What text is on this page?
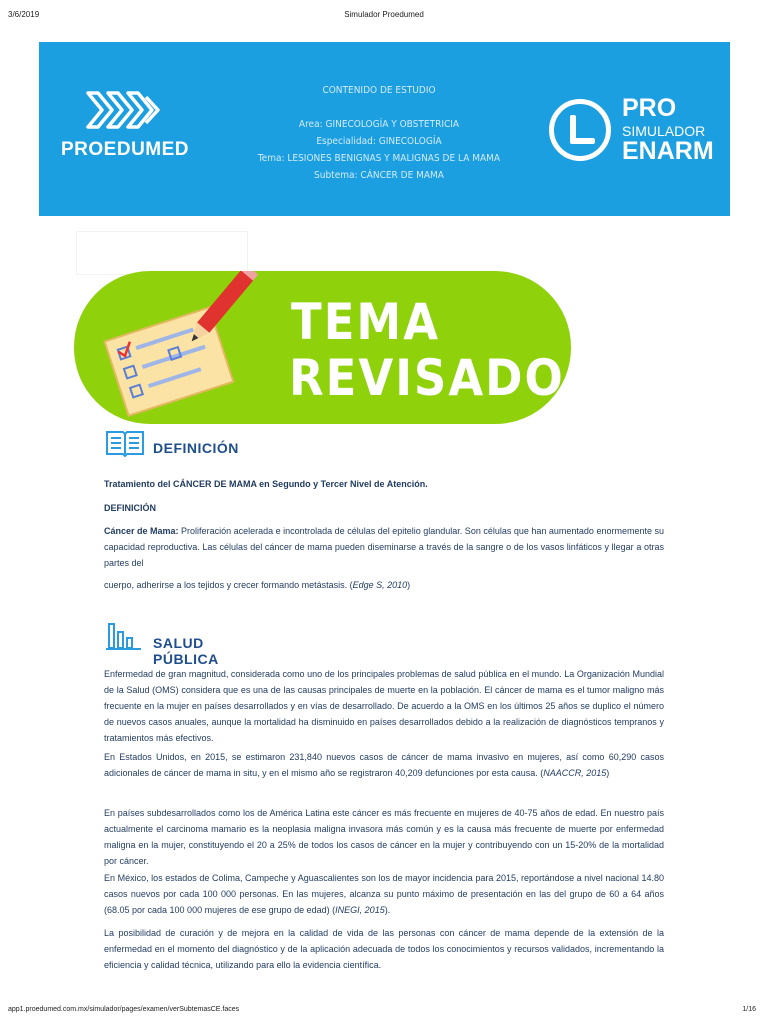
3/6/2019	Simulador Proedumed
PROEDUMED
CONTENIDO DE ESTUDIO
Area: GINECOLOGÍA Y OBSTETRICIA
Especialidad: GINECOLOGÍA
Tema: LESIONES BENIGNAS Y MALIGNAS DE LA MAMA
Subtema: CÁNCER DE MAMA
PRO
SIMULADOR
ENARM
TEMA
REVISADO
DEFINICIÓN

Tratamiento del CÁNCER DE MAMA en Segundo y Tercer Nivel de Atención.

DEFINICIÓN

Cáncer de Mama: Proliferación acelerada e incontrolada de células del epitelio glandular. Son células que han aumentado enormemente su capacidad reproductiva. Las células del cáncer de mama pueden diseminarse a través de la sangre o de los vasos linfáticos y llegar a otras partes del

cuerpo, adherirse a los tejidos y crecer formando metástasis. (Edge S, 2010)

SALUD PÚBLICA

Enfermedad de gran magnitud, considerada como uno de los principales problemas de salud pública en el mundo. La Organización Mundial de la Salud (OMS) considera que es una de las causas principales de muerte en la población. El cáncer de mama es el tumor maligno más frecuente en la mujer en países desarrollados y en vías de desarrollado. De acuerdo a la OMS en los últimos 25 años se duplico el número de nuevos casos anuales, aunque la mortalidad ha disminuido en países desarrollados debido a la realización de diagnósticos tempranos y tratamientos más efectivos.

En Estados Unidos, en 2015, se estimaron 231,840 nuevos casos de cáncer de mama invasivo en mujeres, así como 60,290 casos adicionales de cáncer de mama in situ, y en el mismo año se registraron 40,209 defunciones por esta causa. (NAACCR, 2015)

En países subdesarrollados como los de América Latina este cáncer es más frecuente en mujeres de 40-75 años de edad. En nuestro país actualmente el carcinoma mamario es la neoplasia maligna invasora más común y es la causa más frecuente de muerte por enfermedad maligna en la mujer, constituyendo el 20 a 25% de todos los casos de cáncer en la mujer y contribuyendo con un 15-20% de la mortalidad por cáncer.

En México, los estados de Colima, Campeche y Aguascalientes son los de mayor incidencia para 2015, reportándose a nivel nacional 14.80 casos nuevos por cada 100 000 personas. En las mujeres, alcanza su punto máximo de presentación en las del grupo de 60 a 64 años (68.05 por cada 100 000 mujeres de ese grupo de edad) (INEGI, 2015).

La posibilidad de curación y de mejora en la calidad de vida de las personas con cáncer de mama depende de la extensión de la enfermedad en el momento del diagnóstico y de la aplicación adecuada de todos los conocimientos y recursos validados, incrementando la eficiencia y calidad técnica, utilizando para ello la evidencia científica.

app1.proedumed.com.mx/simulador/pages/examen/verSubtemasCE.faces	1/16
